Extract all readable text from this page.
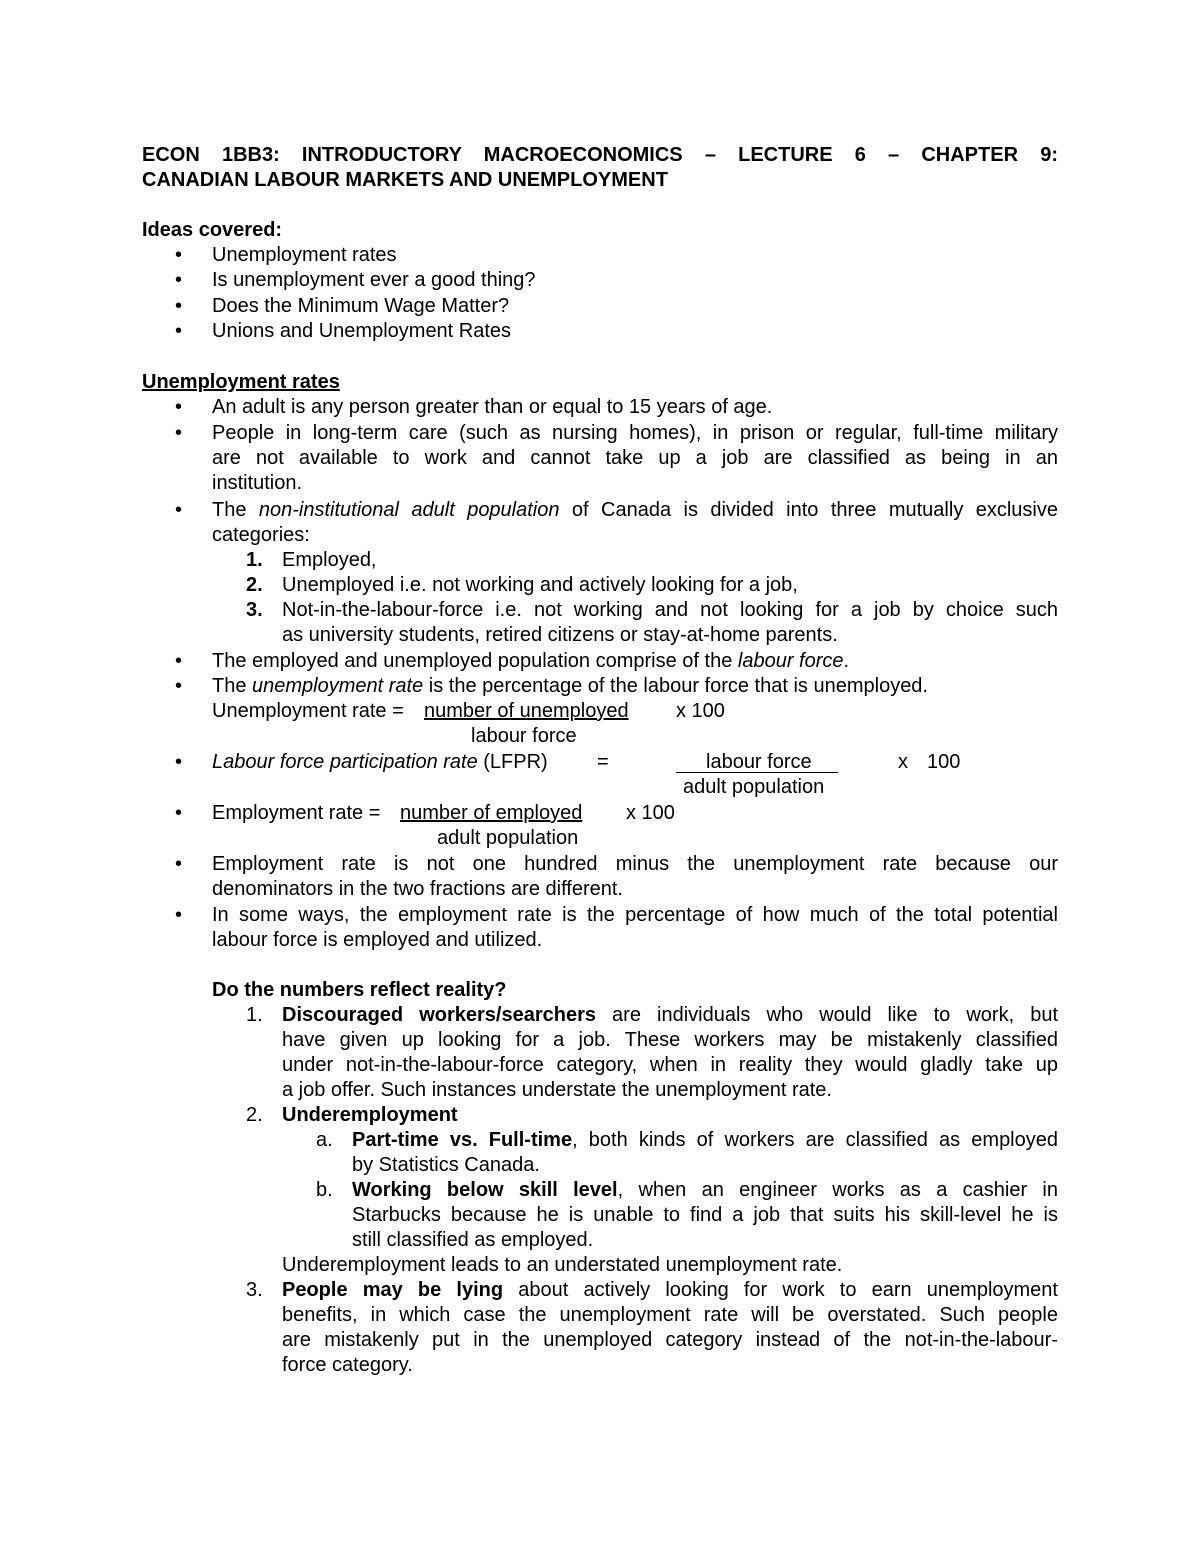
ECON 1BB3: INTRODUCTORY MACROECONOMICS – LECTURE 6 – CHAPTER 9:
CANADIAN LABOUR MARKETS AND UNEMPLOYMENT
Ideas covered:
• Unemployment rates
• Is unemployment ever a good thing?
• Does the Minimum Wage Matter?
• Unions and Unemployment Rates
Unemployment rates
• An adult is any person greater than or equal to 15 years of age.
• People in long-term care (such as nursing homes), in prison or regular, full-time military
are not available to work and cannot take up a job are classified as being in an
institution.
• The non-institutional adult population of Canada is divided into three mutually exclusive
categories:
1. Employed,
2. Unemployed i.e. not working and actively looking for a job,
3. Not-in-the-labour-force i.e. not working and not looking for a job by choice such
as university students, retired citizens or stay-at-home parents.
• The employed and unemployed population comprise of the labour force.
• The unemployment rate is the percentage of the labour force that is unemployed.
Unemployment rate = number of unemployed x 100
labour force
• Labour force participation rate (LFPR) =	labour force
adult population
x 100
• Employment rate = number of employed x 100
adult population
• Employment rate is not one hundred minus the unemployment rate because our
denominators in the two fractions are different.
• In some ways, the employment rate is the percentage of how much of the total potential
labour force is employed and utilized.
Do the numbers reflect reality?
1. Discouraged workers/searchers are individuals who would like to work, but
have given up looking for a job. These workers may be mistakenly classified
under not-in-the-labour-force category, when in reality they would gladly take up
a job offer. Such instances understate the unemployment rate.
2. Underemployment
a. Part-time vs. Full-time, both kinds of workers are classified as employed
by Statistics Canada.
b. Working below skill level, when an engineer works as a cashier in
Starbucks because he is unable to find a job that suits his skill-level he is
still classified as employed.
Underemployment leads to an understated unemployment rate.
3. People may be lying about actively looking for work to earn unemployment
benefits, in which case the unemployment rate will be overstated. Such people
are mistakenly put in the unemployed category instead of the not-in-the-labour-
force category.
